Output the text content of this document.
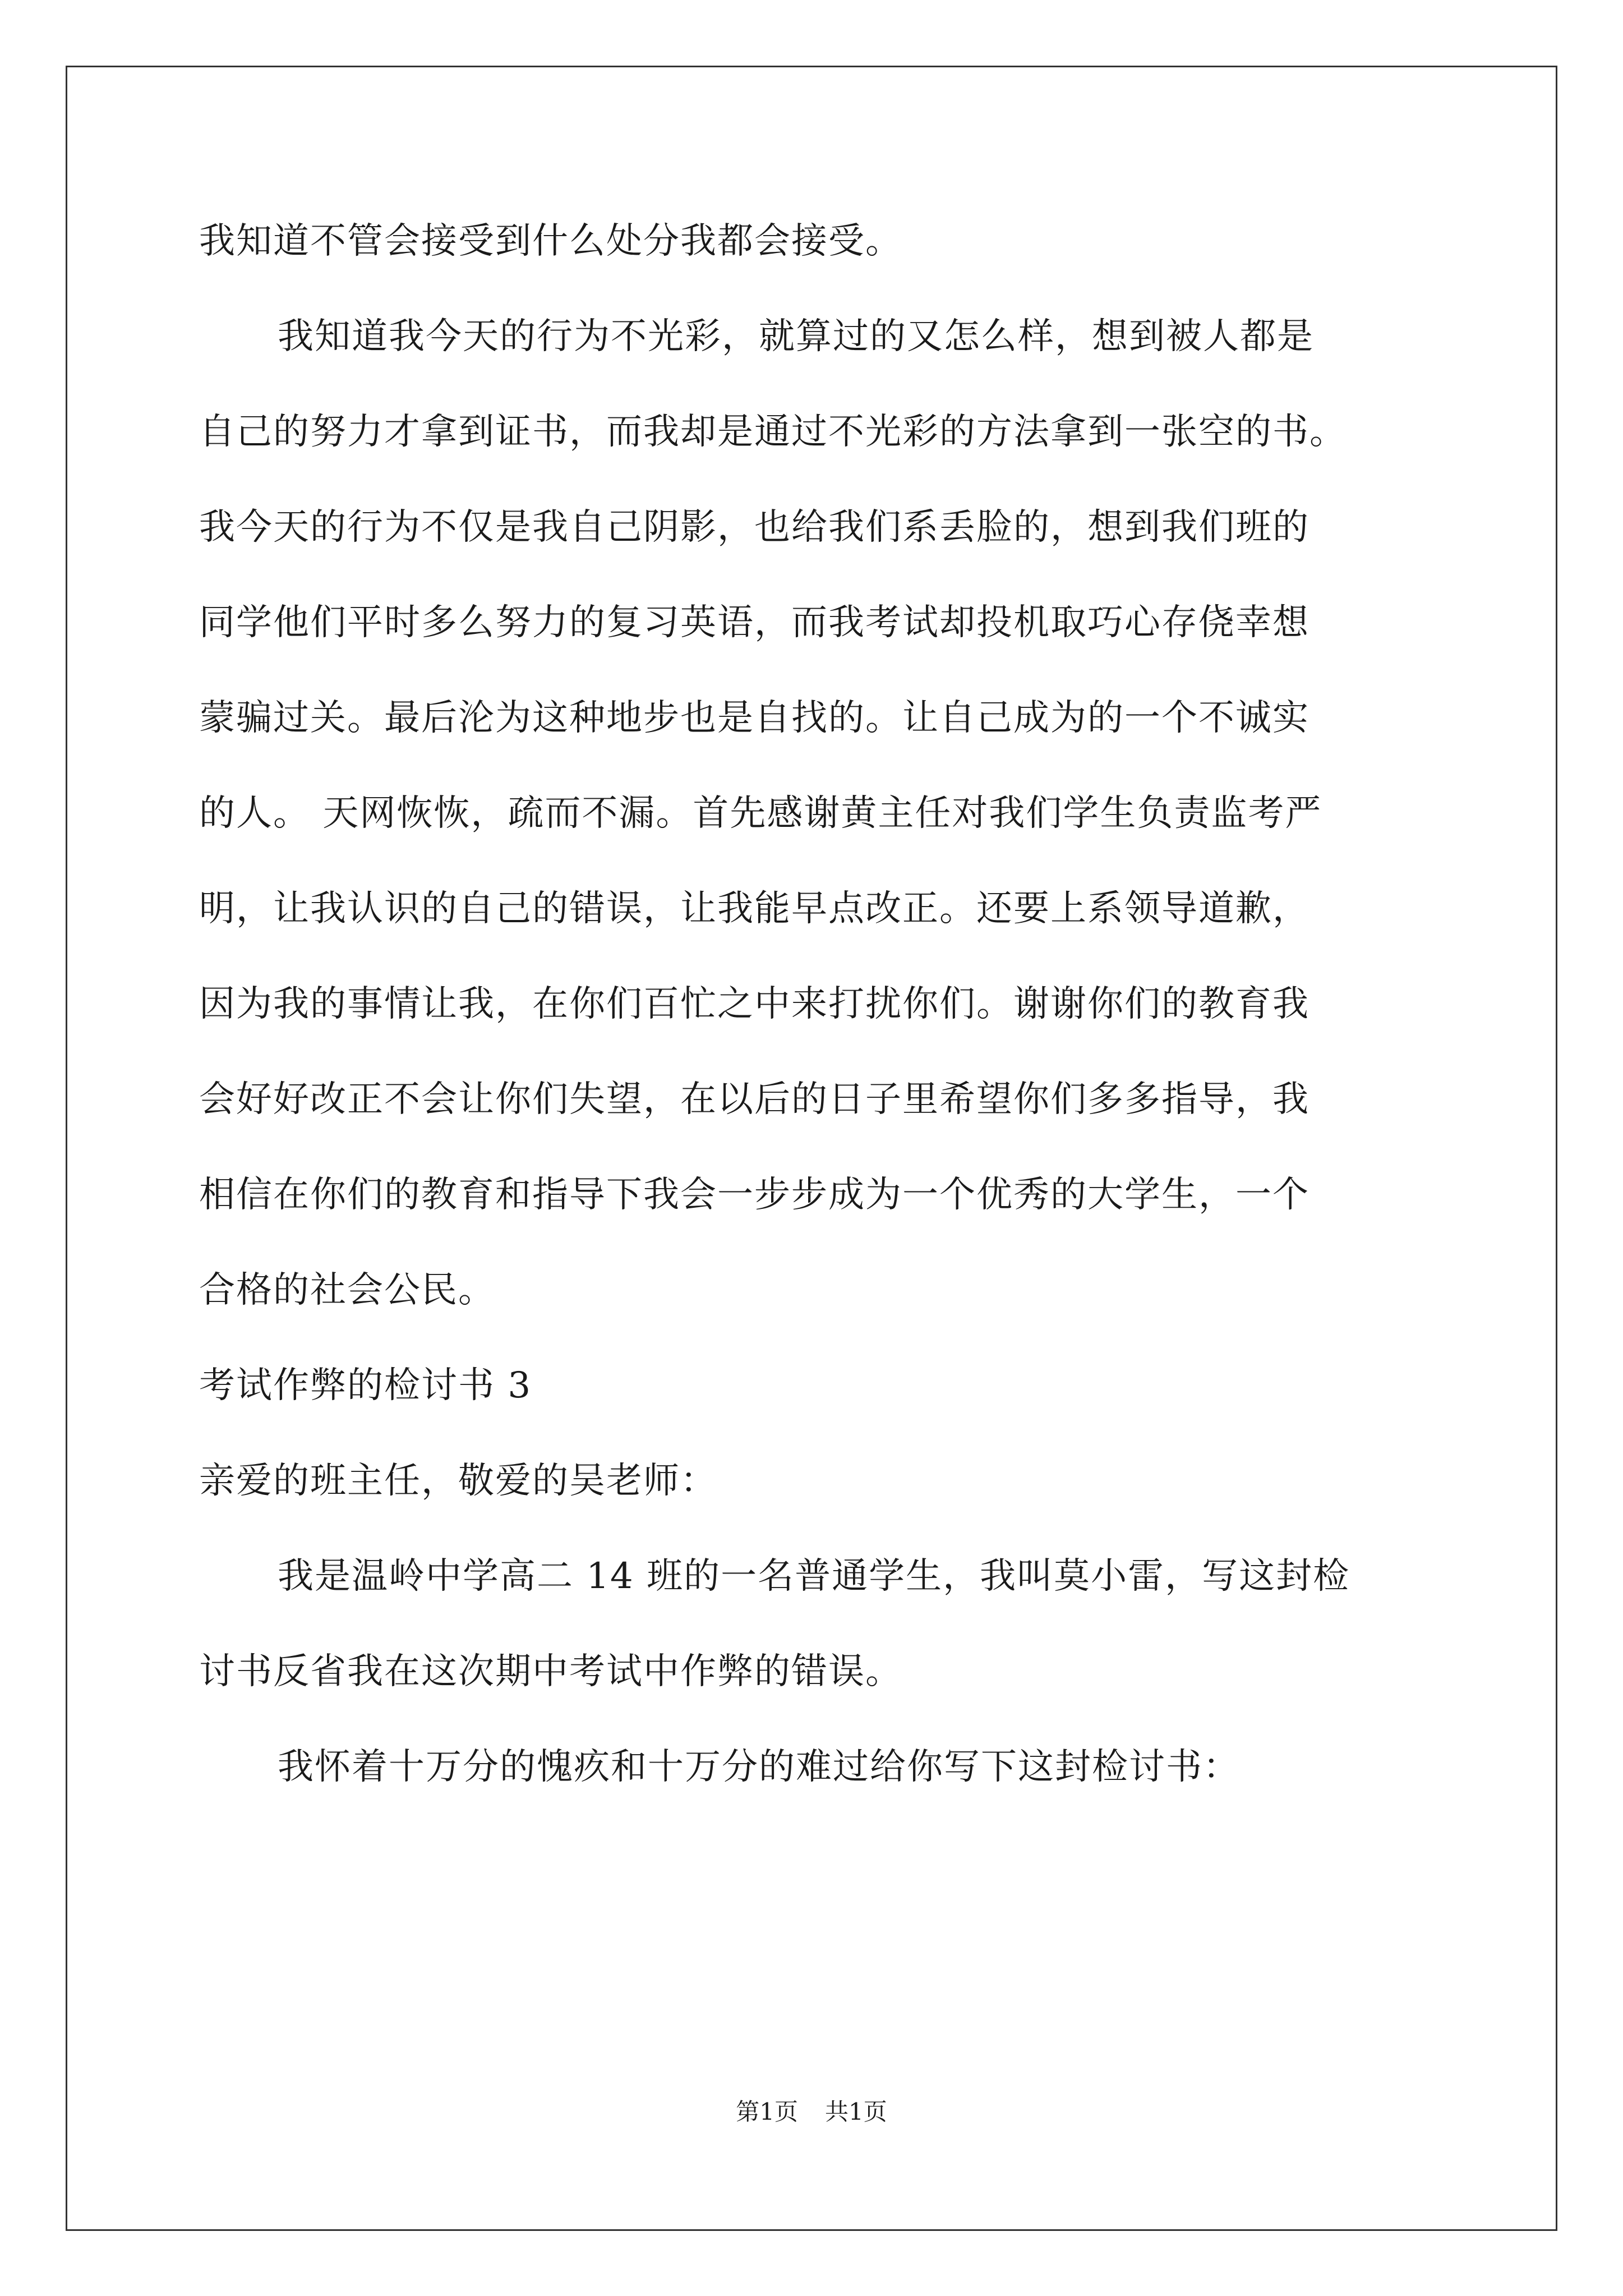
我知道不管会接受到什么处分我都会接受。
我知道我今天的行为不光彩，就算过的又怎么样，想到被人都是
自己的努力才拿到证书，而我却是通过不光彩的方法拿到一张空的书。
我今天的行为不仅是我自己阴影，也给我们系丢脸的，想到我们班的
同学他们平时多么努力的复习英语，而我考试却投机取巧心存侥幸想
蒙骗过关。最后沦为这种地步也是自找的。让自己成为的一个不诚实
的人。 天网恢恢，疏而不漏。首先感谢黄主任对我们学生负责监考严
明，让我认识的自己的错误，让我能早点改正。还要上系领导道歉，
因为我的事情让我，在你们百忙之中来打扰你们。谢谢你们的教育我
会好好改正不会让你们失望，在以后的日子里希望你们多多指导，我
相信在你们的教育和指导下我会一步步成为一个优秀的大学生，一个
合格的社会公民。
考试作弊的检讨书 3
亲爱的班主任，敬爱的吴老师：
我是温岭中学高二 14 班的一名普通学生，我叫莫小雷，写这封检
讨书反省我在这次期中考试中作弊的错误。
我怀着十万分的愧疚和十万分的难过给你写下这封检讨书：
第1页 共1页
